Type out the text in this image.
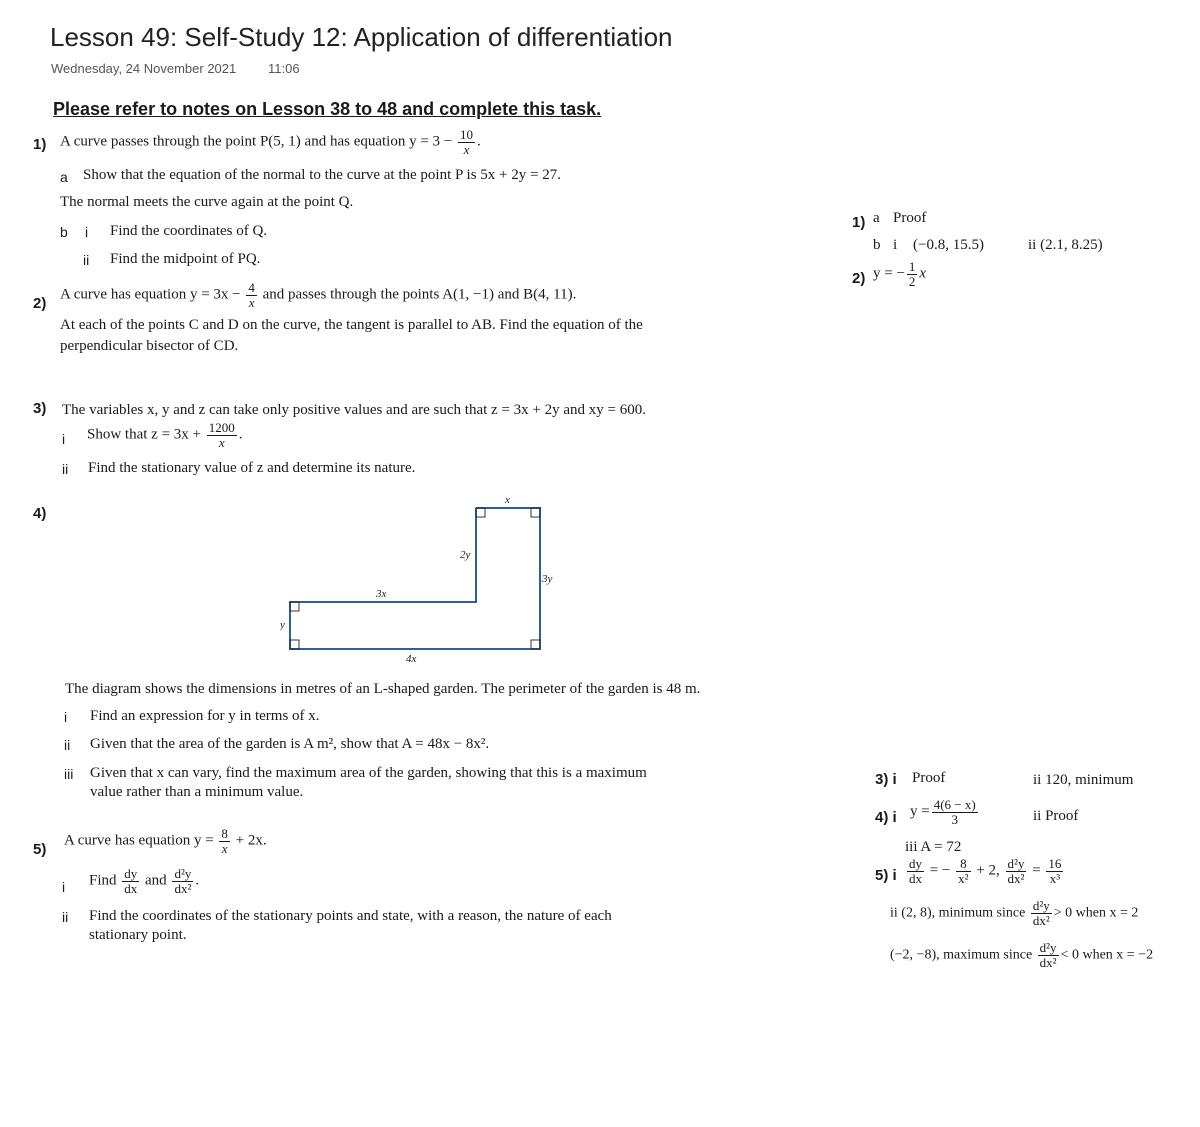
Lesson 49: Self-Study 12: Application of differentiation
Wednesday, 24 November 2021 11:06
Please refer to notes on Lesson 38 to 48 and complete this task.
1) A curve passes through the point P(5, 1) and has equation $y = 3 - \frac{10}{x}$ .
a Show that the equation of the normal to the curve at the point P is 5x + 2y = 27.
The normal meets the curve again at the point Q.
b i Find the coordinates of Q.
ii Find the midpoint of PQ.
2)
A curve has equation $y = 3x - \frac{4}{x}$ and passes through the points A(1, −1) and B(4, 11).
At each of the points C and D on the curve, the tangent is parallel to AB. Find the equation of the
perpendicular bisector of CD.
3) The variables x, y and z can take only positive values and are such that z = 3x + 2y and xy = 600.
i Show that $z = 3x + \frac{1200}{x}$ .
ii Find the stationary value of z and determine its nature.
4)
x
2y
3y
3x
y
4x
The diagram shows the dimensions in metres of an L-shaped garden. The perimeter of the garden is 48 m.
i Find an expression for y in terms of x.
ii Given that the area of the garden is A m², show that A = 48x − 8x².
iii Given that x can vary, find the maximum area of the garden, showing that this is a maximum
value rather than a minimum value.
5)
A curve has equation $y = \frac{8}{x} + 2x$.
i Find $\frac{dy}{dx}$ and $\frac{\text{d²y}}{\text{dx²}}$ .
ii Find the coordinates of the stationary points and state, with a reason, the nature of each
stationary point.
1) a Proof
b i (−0.8, 15.5)	ii (2.1, 8.25)
2) y = − $\frac{1}{2}$ x
3) i Proof	ii 120, minimum
4) i $y = \frac{4(6 - x)}{3}$	ii Proof
iii A = 72
5) i $\frac{dy}{dx}$ = − $\frac{8}{\text{x²}} + 2$, $\frac{\text{d²y}}{\text{dx²}} = \frac{16}{\text{x³}}$
ii (2, 8), minimum since $\frac{\text{d²y}}{\text{dx²}} > 0$ when x = 2
(−2, −8), maximum since $\frac{\text{d²y}}{\text{dx²}} < 0$ when x = −2
